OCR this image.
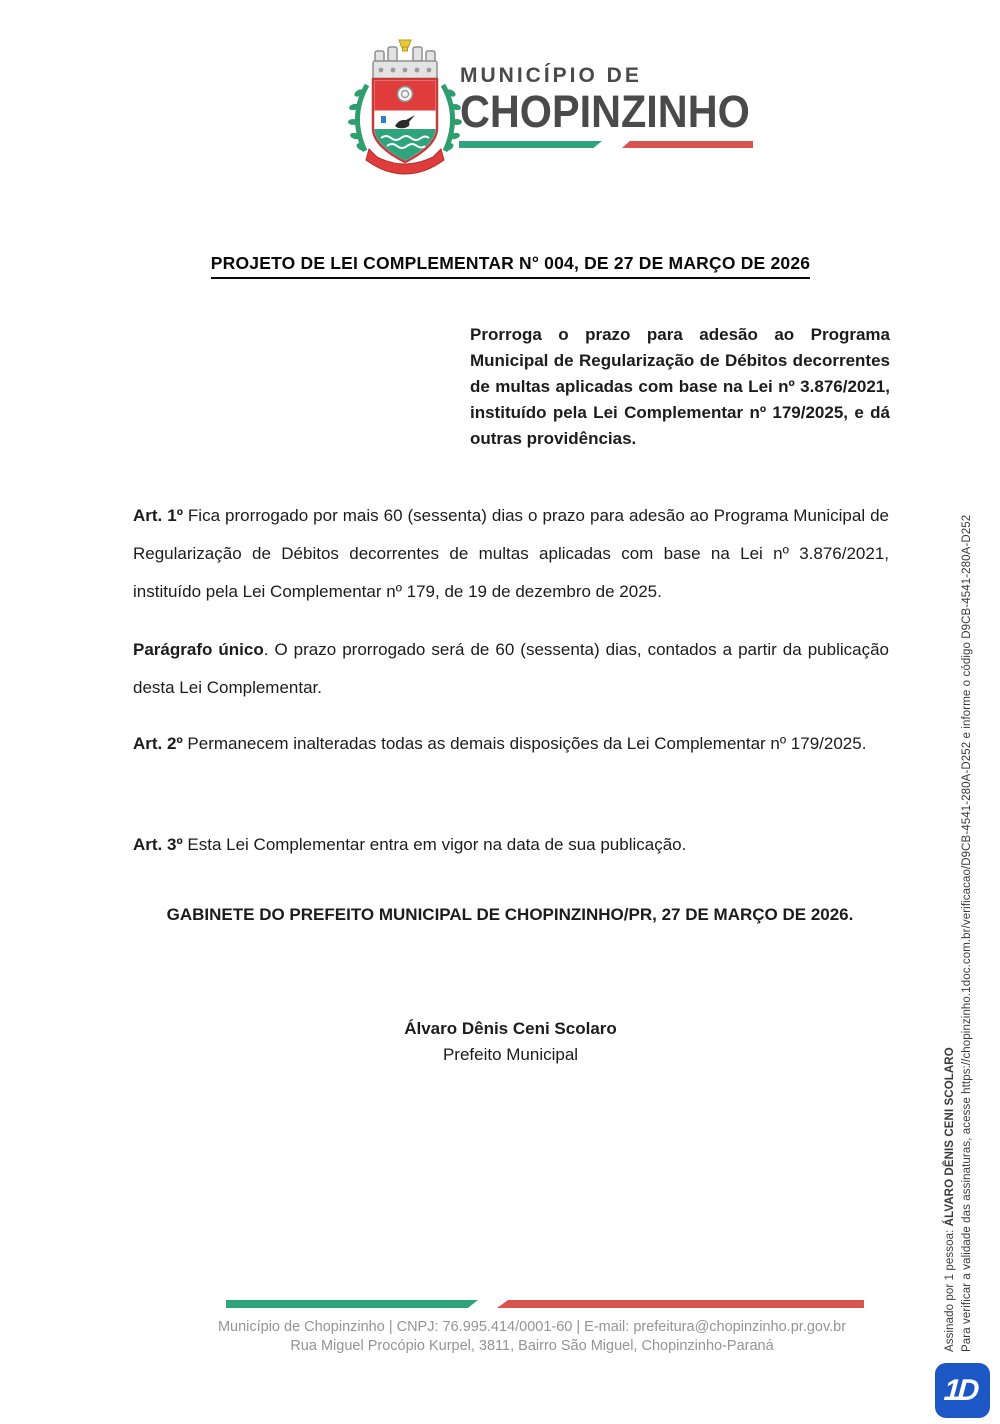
MUNICÍPIO DE
CHOPINZINHO
PROJETO DE LEI COMPLEMENTAR N° 004, DE 27 DE MARÇO DE 2026

Prorroga o prazo para adesão ao Programa Municipal de Regularização de Débitos decorrentes de multas aplicadas com base na Lei nº 3.876/2021, instituído pela Lei Complementar nº 179/2025, e dá outras providências.

Art. 1º Fica prorrogado por mais 60 (sessenta) dias o prazo para adesão ao Programa Municipal de Regularização de Débitos decorrentes de multas aplicadas com base na Lei nº 3.876/2021, instituído pela Lei Complementar nº 179, de 19 de dezembro de 2025.

Parágrafo único. O prazo prorrogado será de 60 (sessenta) dias, contados a partir da publicação desta Lei Complementar.

Art. 2º Permanecem inalteradas todas as demais disposições da Lei Complementar nº 179/2025.

Art. 3º Esta Lei Complementar entra em vigor na data de sua publicação.

GABINETE DO PREFEITO MUNICIPAL DE CHOPINZINHO/PR, 27 DE MARÇO DE 2026.
Álvaro Dênis Ceni Scolaro
Prefeito Municipal
Município de Chopinzinho | CNPJ: 76.995.414/0001-60 | E-mail: prefeitura@chopinzinho.pr.gov.br
Rua Miguel Procópio Kurpel, 3811, Bairro São Miguel, Chopinzinho-Paraná	Assinado por 1 pessoa: ÁLVARO DÊNIS CENI SCOLARO Para verificar a validade das assinaturas, acesse https://chopinzinho.1doc.com.br/verificacao/D9CB-4541-280A-D252 e informe o código D9CB-4541-280A-D252
1D
